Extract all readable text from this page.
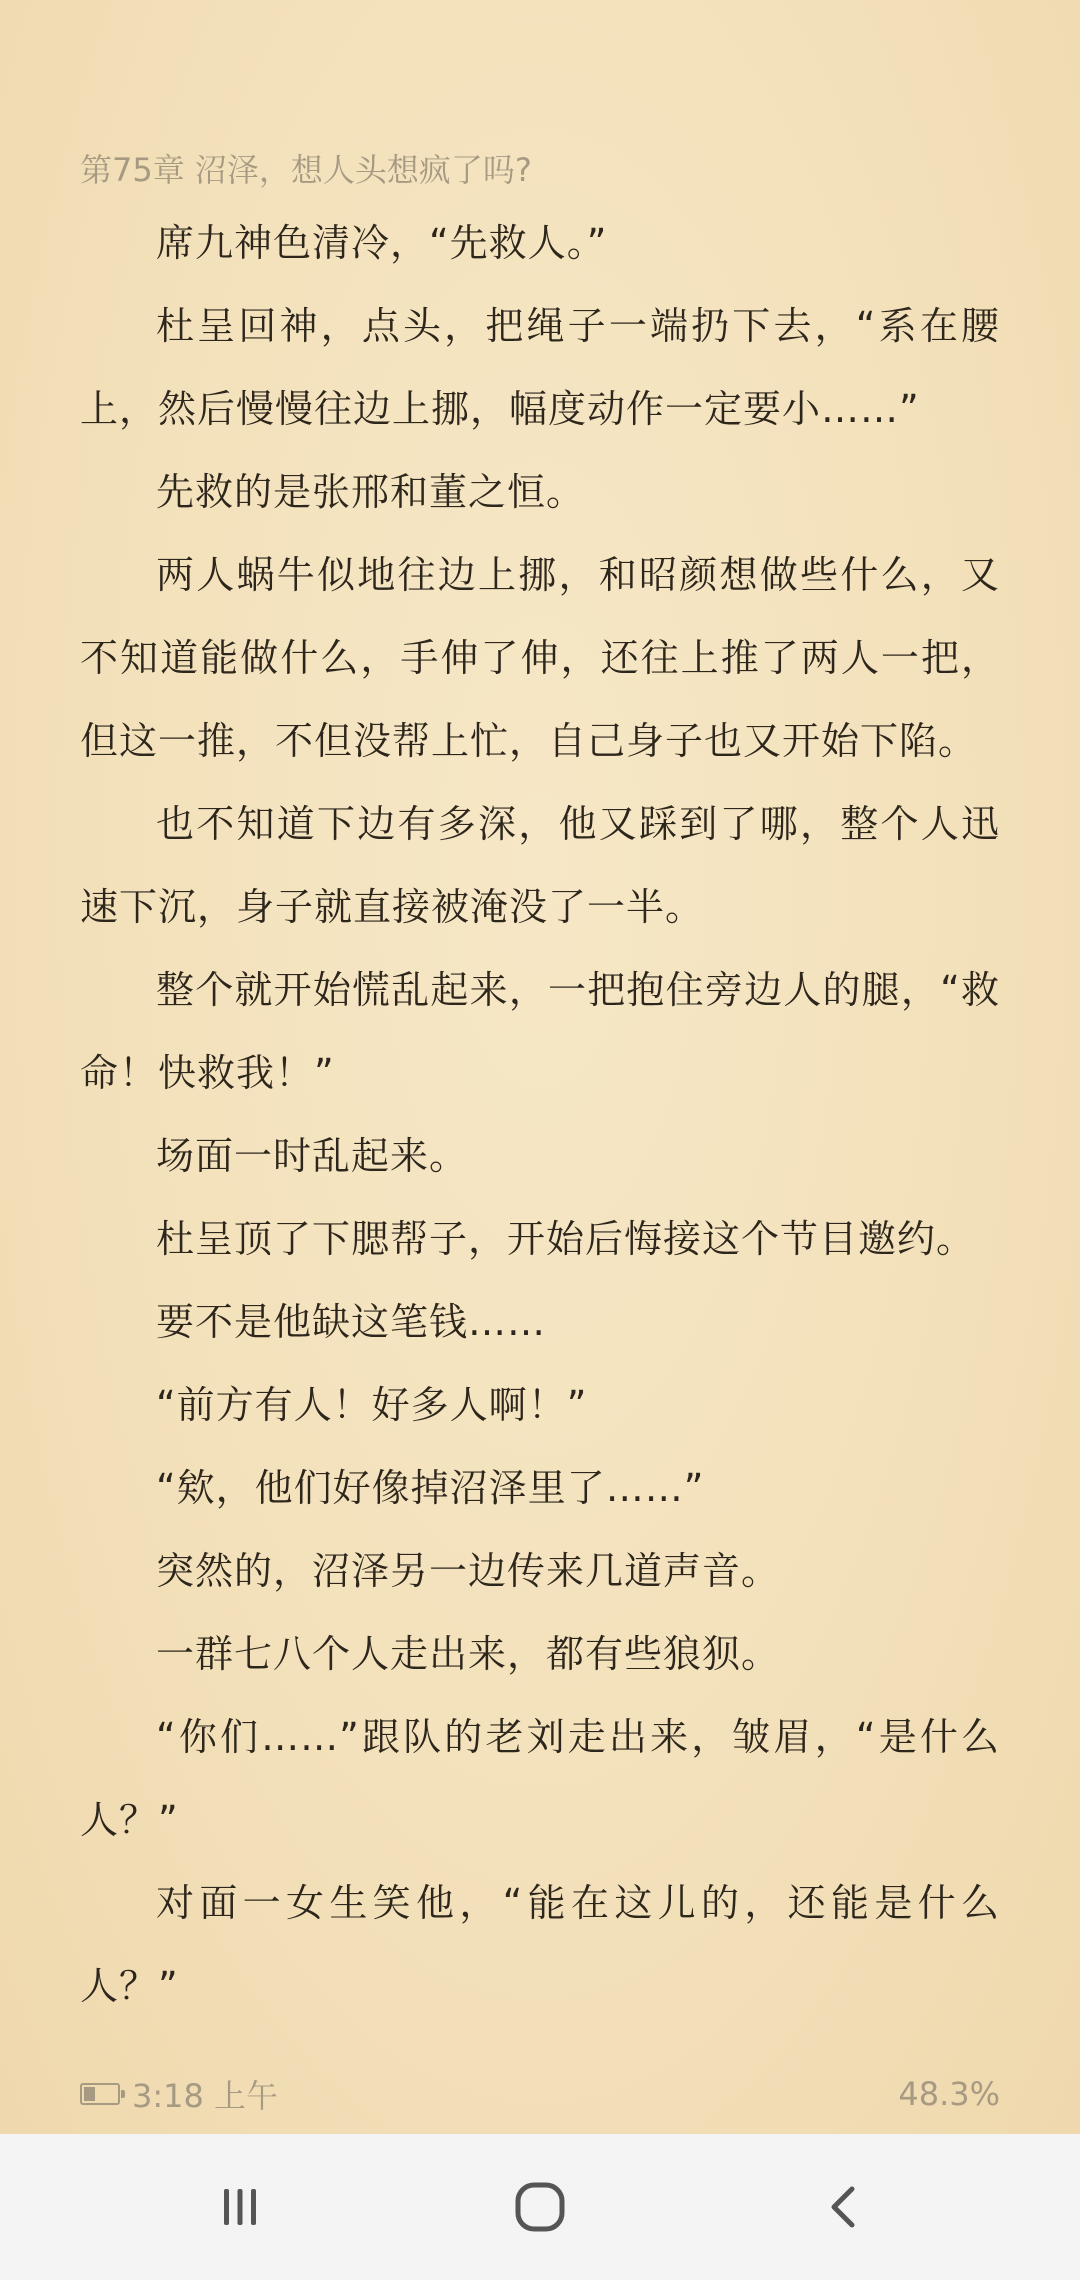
第75章 沼泽，想人头想疯了吗?

席九神色清冷，“先救人。”

杜呈回神，点头，把绳子一端扔下去，“系在腰上，然后慢慢往边上挪，幅度动作一定要小……”

先救的是张邢和董之恒。

两人蜗牛似地往边上挪，和昭颜想做些什么，又不知道能做什么，手伸了伸，还往上推了两人一把，但这一推，不但没帮上忙，自己身子也又开始下陷。

也不知道下边有多深，他又踩到了哪，整个人迅速下沉，身子就直接被淹没了一半。

整个就开始慌乱起来，一把抱住旁边人的腿，“救命！快救我！”

场面一时乱起来。

杜呈顶了下腮帮子，开始后悔接这个节目邀约。

要不是他缺这笔钱……

“前方有人！好多人啊！”

“欸，他们好像掉沼泽里了……”

突然的，沼泽另一边传来几道声音。

一群七八个人走出来，都有些狼狈。

“你们……”跟队的老刘走出来，皱眉，“是什么人？”

对面一女生笑他，“能在这儿的，还能是什么人？”

3:18 上午	48.3%
